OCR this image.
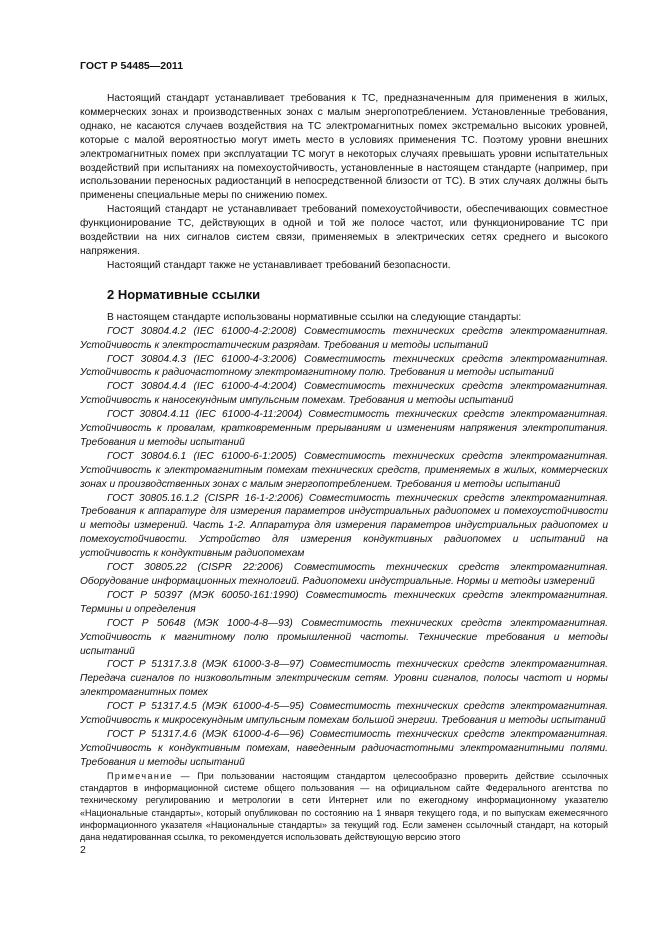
ГОСТ Р 54485—2011

Настоящий стандарт устанавливает требования к ТС, предназначенным для применения в жилых, коммерческих зонах и производственных зонах с малым энергопотреблением. Установленные требования, однако, не касаются случаев воздействия на ТС электромагнитных помех экстремально высоких уровней, которые с малой вероятностью могут иметь место в условиях применения ТС. Поэтому уровни внешних электромагнитных помех при эксплуатации ТС могут в некоторых случаях превышать уровни испытательных воздействий при испытаниях на помехоустойчивость, установленные в настоящем стандарте (например, при использовании переносных радиостанций в непосредственной близости от ТС). В этих случаях должны быть применены специальные меры по снижению помех.

Настоящий стандарт не устанавливает требований помехоустойчивости, обеспечивающих совместное функционирование ТС, действующих в одной и той же полосе частот, или функционирование ТС при воздействии на них сигналов систем связи, применяемых в электрических сетях среднего и высокого напряжения.

Настоящий стандарт также не устанавливает требований безопасности.

2 Нормативные ссылки

В настоящем стандарте использованы нормативные ссылки на следующие стандарты:

ГОСТ 30804.4.2 (IEC 61000-4-2:2008) Совместимость технических средств электромагнитная. Устойчивость к электростатическим разрядам. Требования и методы испытаний

ГОСТ 30804.4.3 (IEC 61000-4-3:2006) Совместимость технических средств электромагнитная. Устойчивость к радиочастотному электромагнитному полю. Требования и методы испытаний

ГОСТ 30804.4.4 (IEC 61000-4-4:2004) Совместимость технических средств электромагнитная. Устойчивость к наносекундным импульсным помехам. Требования и методы испытаний

ГОСТ 30804.4.11 (IEC 61000-4-11:2004) Совместимость технических средств электромагнитная. Устойчивость к провалам, кратковременным прерываниям и изменениям напряжения электропитания. Требования и методы испытаний

ГОСТ 30804.6.1 (IEC 61000-6-1:2005) Совместимость технических средств электромагнитная. Устойчивость к электромагнитным помехам технических средств, применяемых в жилых, коммерческих зонах и производственных зонах с малым энергопотреблением. Требования и методы испытаний

ГОСТ 30805.16.1.2 (CISPR 16-1-2:2006) Совместимость технических средств электромагнитная. Требования к аппаратуре для измерения параметров индустриальных радиопомех и помехоустойчивости и методы измерений. Часть 1-2. Аппаратура для измерения параметров индустриальных радиопомех и помехоустойчивости. Устройство для измерения кондуктивных радиопомех и испытаний на устойчивость к кондуктивным радиопомехам

ГОСТ 30805.22 (CISPR 22:2006) Совместимость технических средств электромагнитная. Оборудование информационных технологий. Радиопомехи индустриальные. Нормы и методы измерений

ГОСТ Р 50397 (МЭК 60050-161:1990) Совместимость технических средств электромагнитная. Термины и определения

ГОСТ Р 50648 (МЭК 1000-4-8—93) Совместимость технических средств электромагнитная. Устойчивость к магнитному полю промышленной частоты. Технические требования и методы испытаний

ГОСТ Р 51317.3.8 (МЭК 61000-3-8—97) Совместимость технических средств электромагнитная. Передача сигналов по низковольтным электрическим сетям. Уровни сигналов, полосы частот и нормы электромагнитных помех

ГОСТ Р 51317.4.5 (МЭК 61000-4-5—95) Совместимость технических средств электромагнитная. Устойчивость к микросекундным импульсным помехам большой энергии. Требования и методы испытаний

ГОСТ Р 51317.4.6 (МЭК 61000-4-6—96) Совместимость технических средств электромагнитная. Устойчивость к кондуктивным помехам, наведенным радиочастотными электромагнитными полями. Требования и методы испытаний

Примечание — При пользовании настоящим стандартом целесообразно проверить действие ссылочных стандартов в информационной системе общего пользования — на официальном сайте Федерального агентства по техническому регулированию и метрологии в сети Интернет или по ежегодному информационному указателю «Национальные стандарты», который опубликован по состоянию на 1 января текущего года, и по выпускам ежемесячного информационного указателя «Национальные стандарты» за текущий год. Если заменен ссылочный стандарт, на который дана недатированная ссылка, то рекомендуется использовать действующую версию этого

2
